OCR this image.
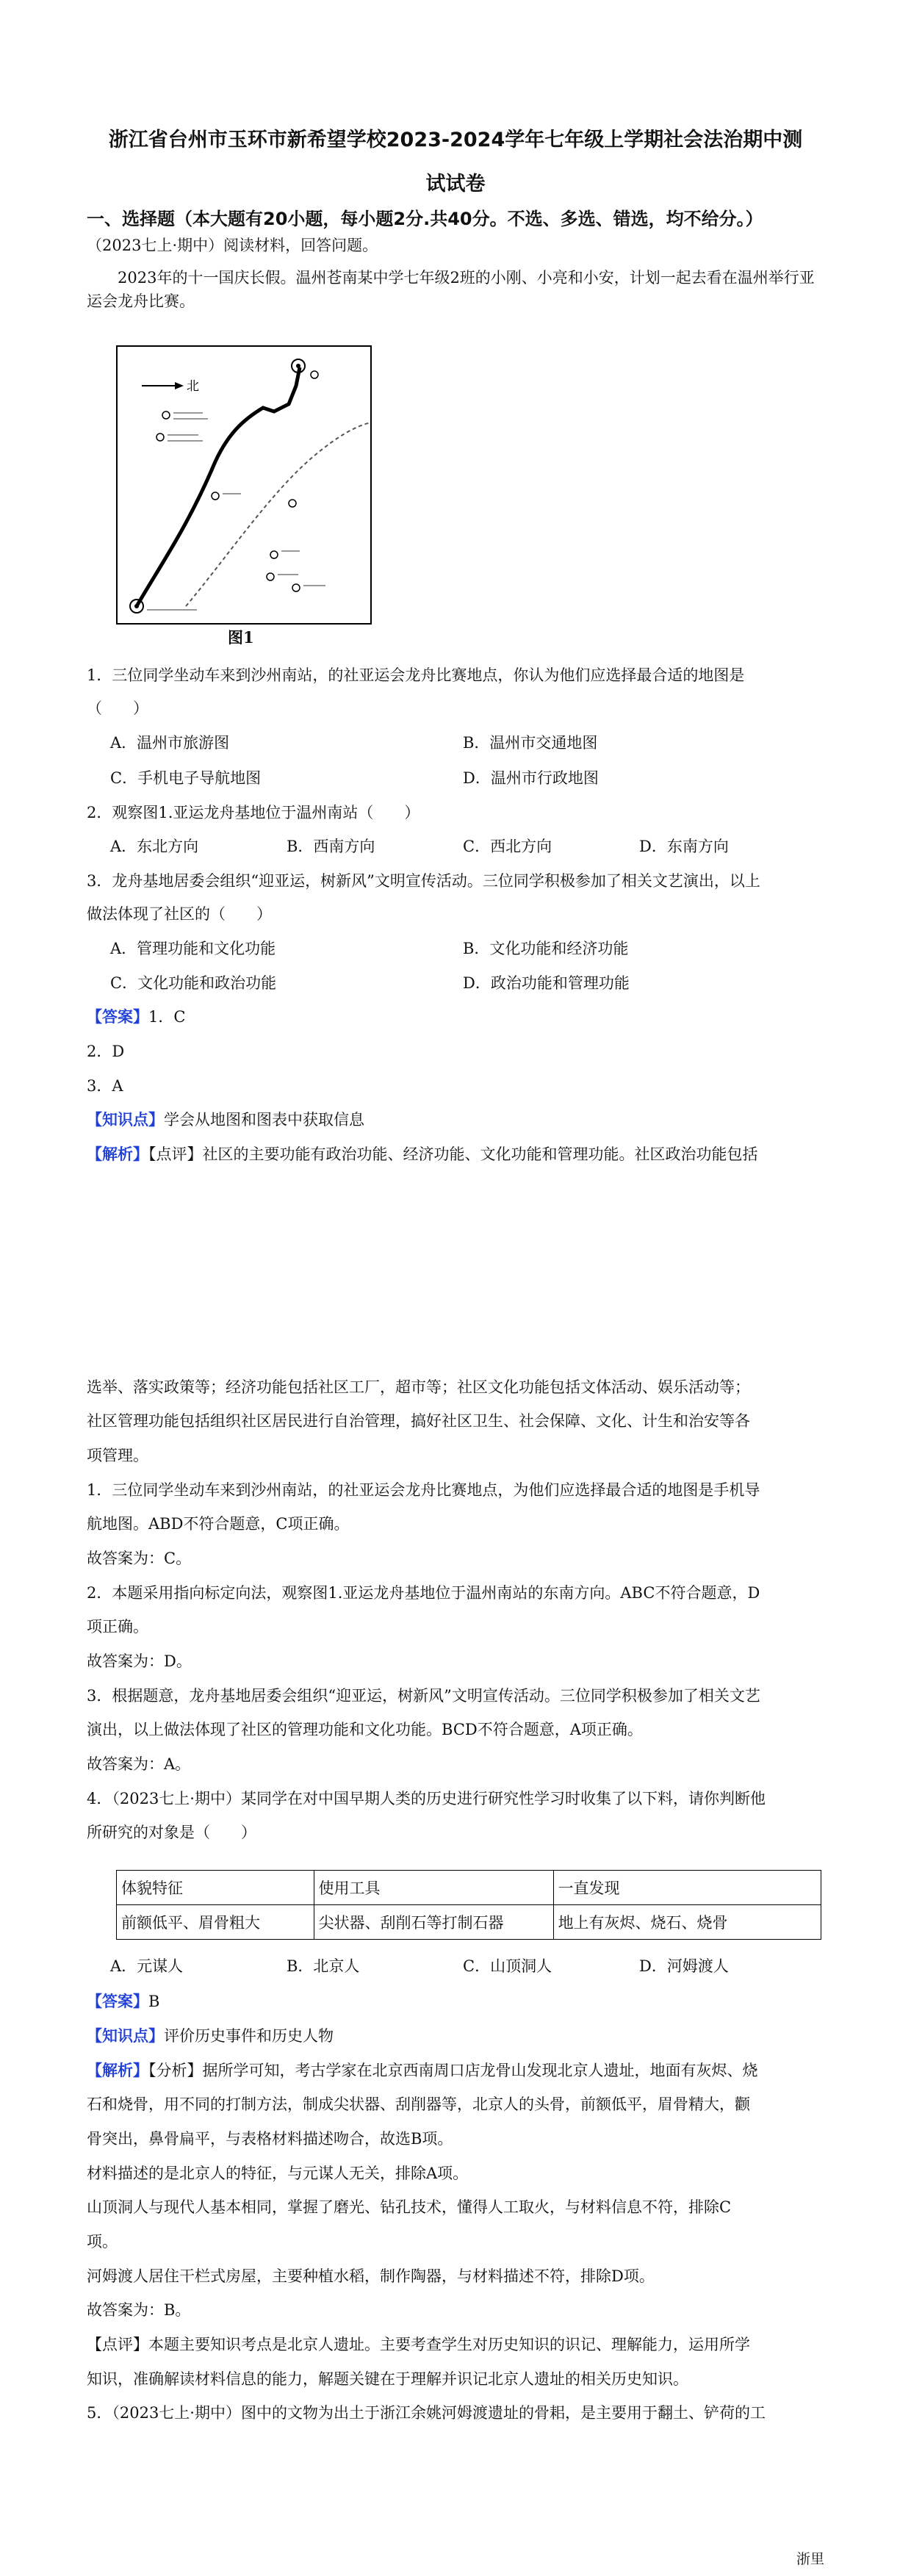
浙江省台州市玉环市新希望学校2023-2024学年七年级上学期社会法治期中测
试试卷
一、选择题（本大题有20小题，每小题2分.共40分。不选、多选、错选，均不给分。）
（2023七上·期中）阅读材料，回答问题。
2023年的十一国庆长假。温州苍南某中学七年级2班的小刚、小亮和小安，计划一起去看在温州举行亚运会龙舟比赛。
北
图1
1．三位同学坐动车来到沙州南站，的社亚运会龙舟比赛地点，你认为他们应选择最合适的地图是
（　　）
A．温州市旅游图	B．温州市交通地图
C．手机电子导航地图	D．温州市行政地图
2．观察图1.亚运龙舟基地位于温州南站（　　）
A．东北方向	B．西南方向	C．西北方向	D．东南方向
3．龙舟基地居委会组织“迎亚运，树新风”文明宣传活动。三位同学积极参加了相关文艺演出，以上
做法体现了社区的（　　）
A．管理功能和文化功能	B．文化功能和经济功能
C．文化功能和政治功能	D．政治功能和管理功能
【答案】1．C
2．D
3．A
【知识点】学会从地图和图表中获取信息
【解析】【点评】社区的主要功能有政治功能、经济功能、文化功能和管理功能。社区政治功能包括
选举、落实政策等；经济功能包括社区工厂，超市等；社区文化功能包括文体活动、娱乐活动等；
社区管理功能包括组织社区居民进行自治管理，搞好社区卫生、社会保障、文化、计生和治安等各
项管理。
1．三位同学坐动车来到沙州南站，的社亚运会龙舟比赛地点，为他们应选择最合适的地图是手机导
航地图。ABD不符合题意，C项正确。
故答案为：C。
2．本题采用指向标定向法，观察图1.亚运龙舟基地位于温州南站的东南方向。ABC不符合题意，D
项正确。
故答案为：D。
3．根据题意，龙舟基地居委会组织“迎亚运，树新风”文明宣传活动。三位同学积极参加了相关文艺
演出，以上做法体现了社区的管理功能和文化功能。BCD不符合题意，A项正确。
故答案为：A。
4．（2023七上·期中）某同学在对中国早期人类的历史进行研究性学习时收集了以下料，请你判断他
所研究的对象是（　　）
体貌特征	使用工具	一直发现
前额低平、眉骨粗大	尖状器、刮削石等打制石器	地上有灰烬、烧石、烧骨
A．元谋人	B．北京人	C．山顶洞人	D．河姆渡人
【答案】B
【知识点】评价历史事件和历史人物
【解析】【分析】据所学可知，考古学家在北京西南周口店龙骨山发现北京人遗址，地面有灰烬、烧
石和烧骨，用不同的打制方法，制成尖状器、刮削器等，北京人的头骨，前额低平，眉骨精大，颧
骨突出，鼻骨扁平，与表格材料描述吻合，故选B项。
材料描述的是北京人的特征，与元谋人无关，排除A项。
山顶洞人与现代人基本相同，掌握了磨光、钻孔技术，懂得人工取火，与材料信息不符，排除C
项。
河姆渡人居住干栏式房屋，主要种植水稻，制作陶器，与材料描述不符，排除D项。
故答案为：B。
【点评】本题主要知识考点是北京人遗址。主要考查学生对历史知识的识记、理解能力，运用所学
知识，准确解读材料信息的能力，解题关键在于理解并识记北京人遗址的相关历史知识。
5．（2023七上·期中）图中的文物为出土于浙江余姚河姆渡遗址的骨耜，是主要用于翻土、铲荷的工
浙里
